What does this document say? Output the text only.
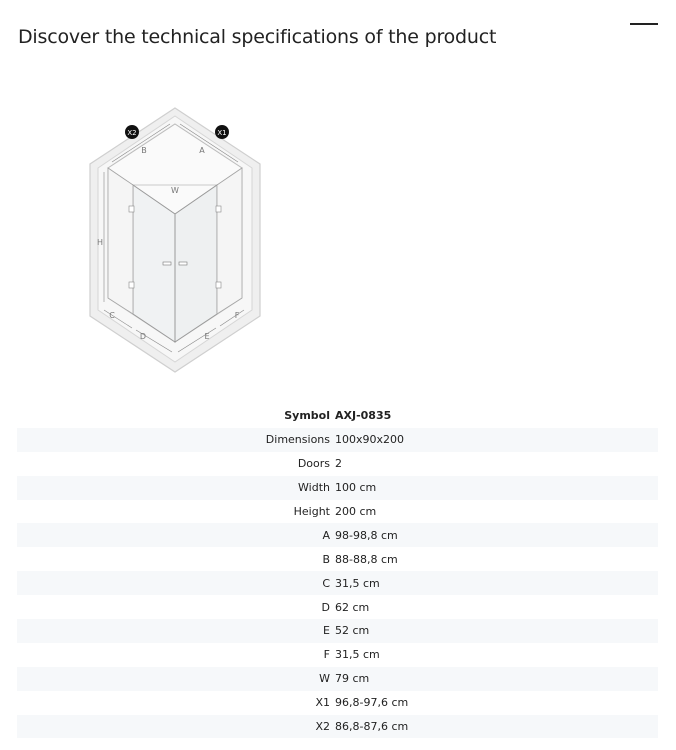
Discover the technical specifications of the product
B	A
W
H
C
D	E
F
X2	X1
Symbol AXJ-0835
Dimensions 100x90x200
Doors 2
Width 100 cm
Height 200 cm
A 98-98,8 cm
B 88-88,8 cm
C 31,5 cm
D 62 cm
E 52 cm
F 31,5 cm
W 79 cm
X1 96,8-97,6 cm
X2 86,8-87,6 cm
